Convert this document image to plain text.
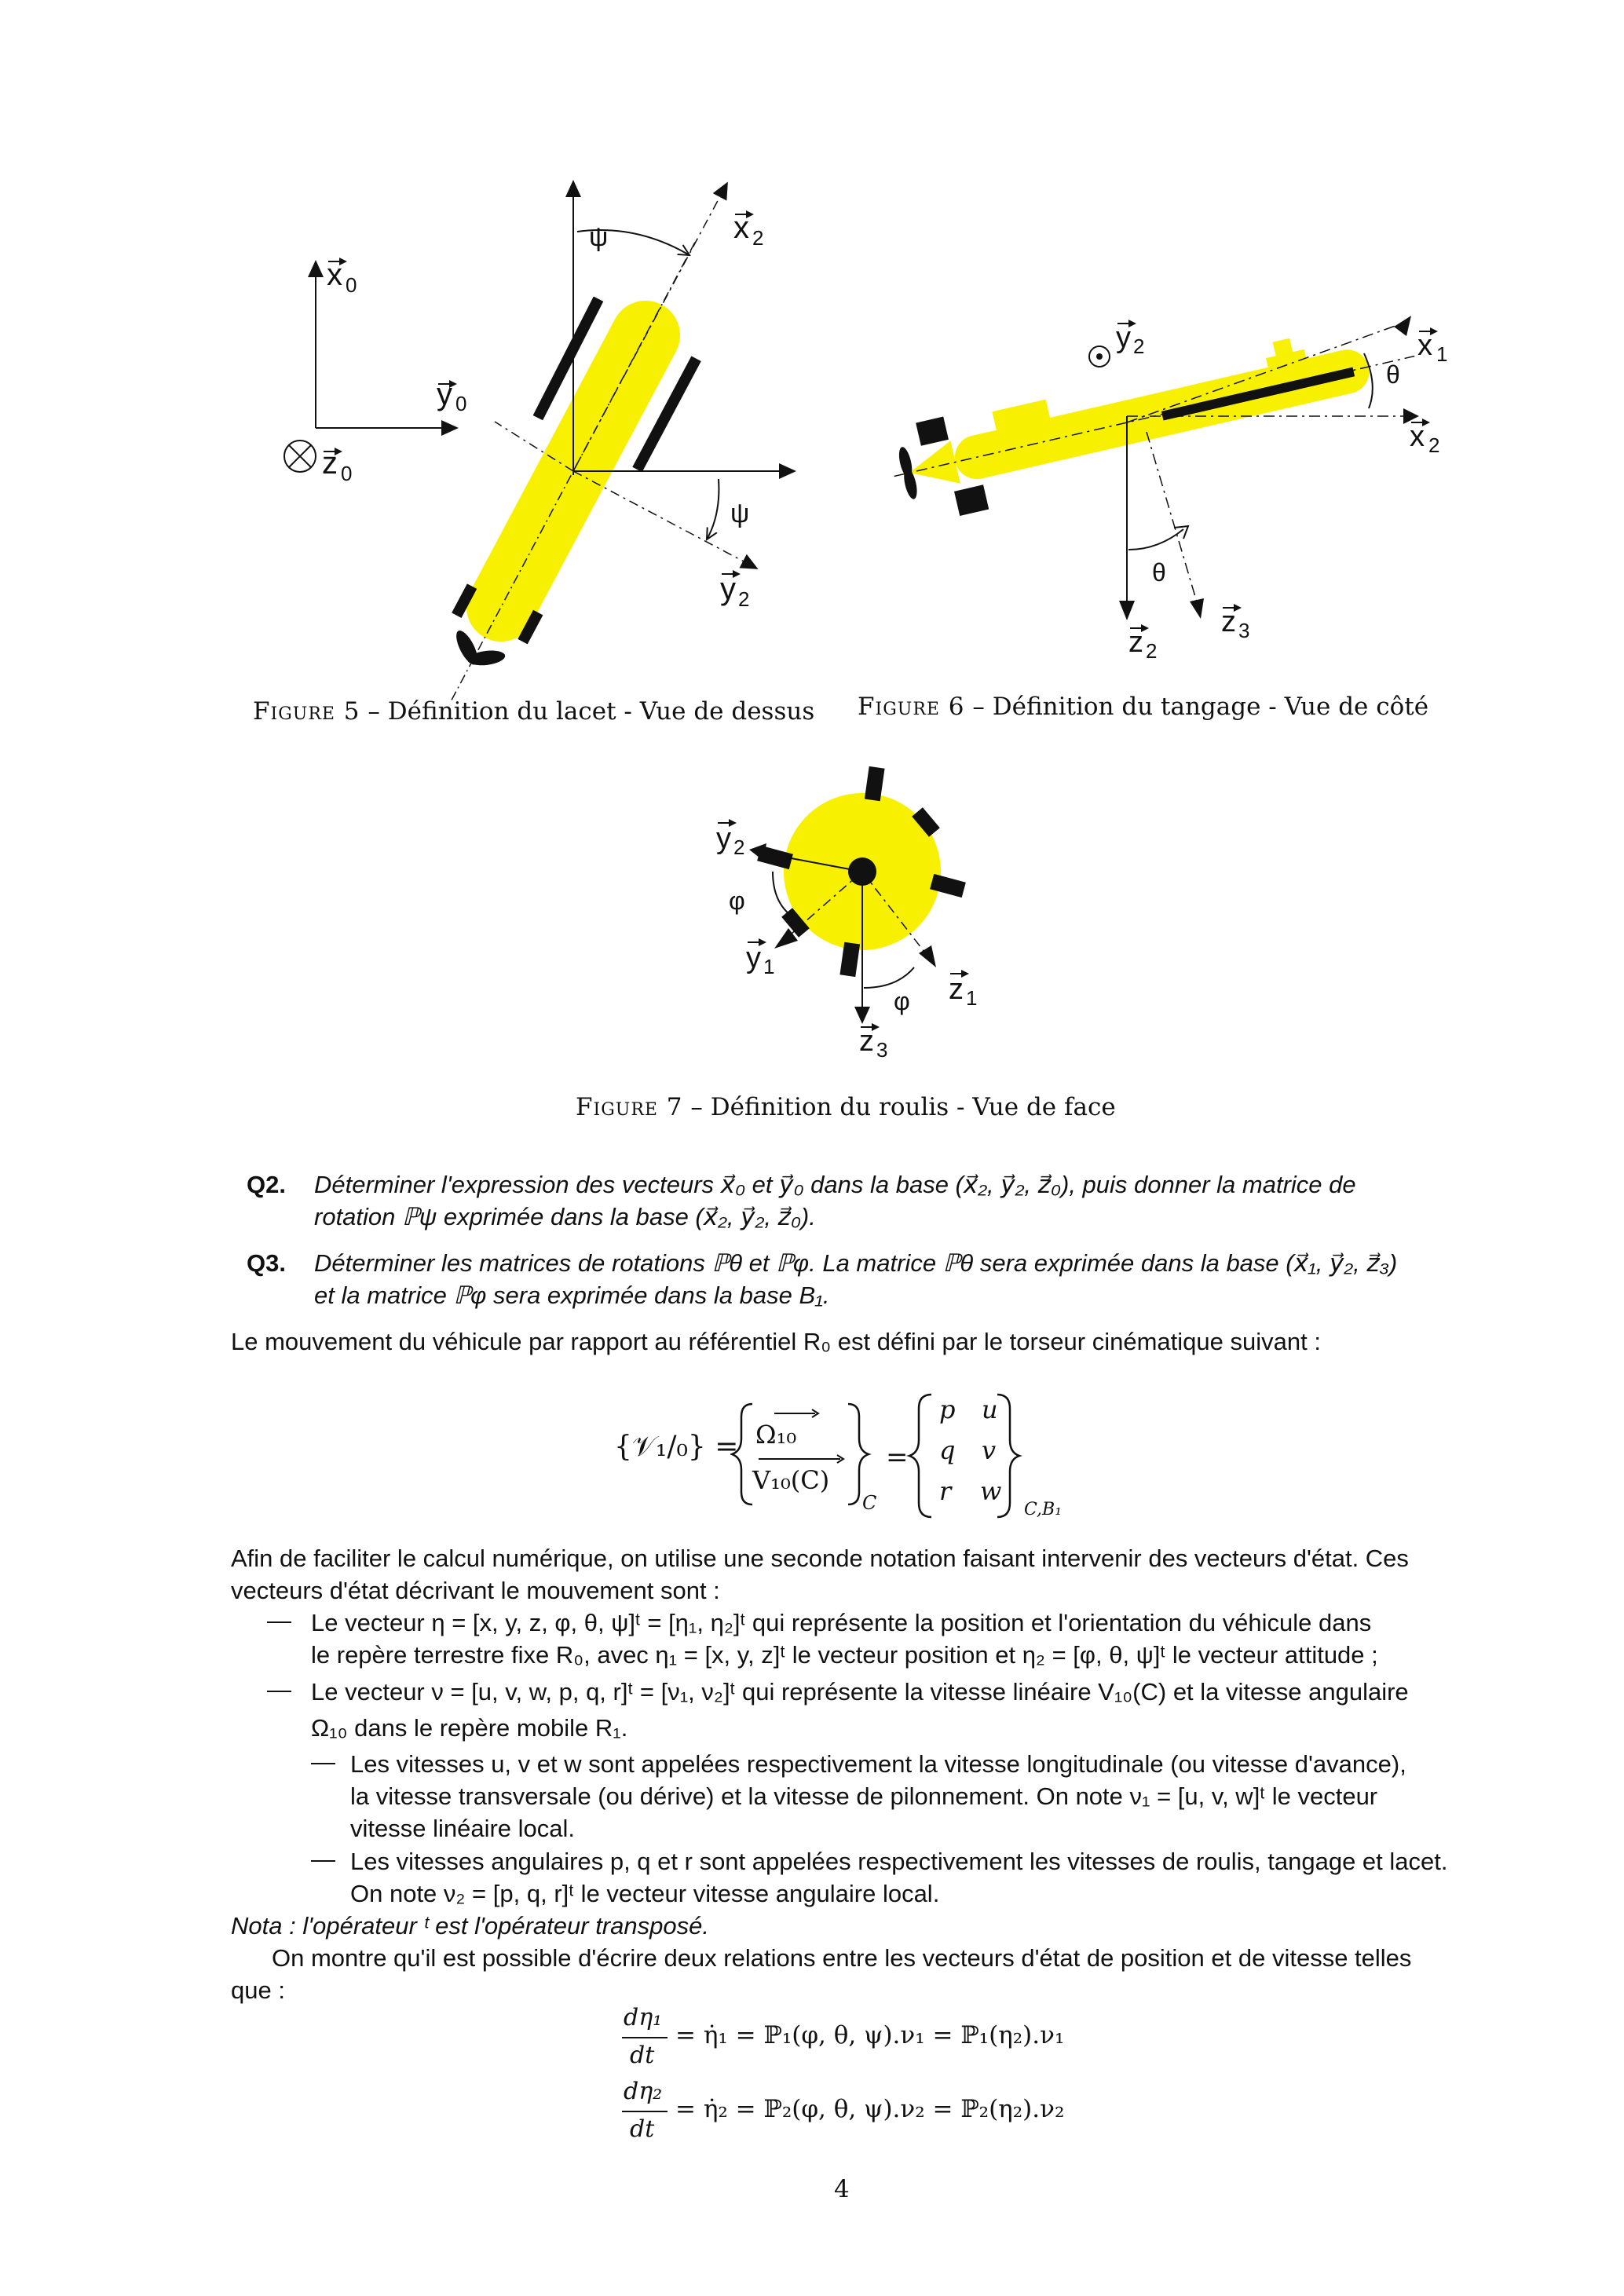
x 0
y 0
z 0
x 2
y 2
ψ
ψ
Figure 5 – Définition du lacet - Vue de dessus
y 2	x 1
x 2
θ
θ
z 2
z 3
Figure 6 – Définition du tangage - Vue de côté
y 2
φ
y 1
φ z 1
z 3
Figure 7 – Définition du roulis - Vue de face
Q2. Déterminer l'expression des vecteurs x⃗₀ et y⃗₀ dans la base (x⃗₂, y⃗₂, z⃗₀), puis donner la matrice de
rotation ℙψ exprimée dans la base (x⃗₂, y⃗₂, z⃗₀).
Q3. Déterminer les matrices de rotations ℙθ et ℙφ. La matrice ℙθ sera exprimée dans la base (x⃗₁, y⃗₂, z⃗₃)
et la matrice ℙφ sera exprimée dans la base B₁.
Le mouvement du véhicule par rapport au référentiel R₀ est défini par le torseur cinématique suivant :
{𝒱₁/₀} = Ω₁₀
V₁₀(C)
C
=
p u
q v
r w
C,B₁
Afin de faciliter le calcul numérique, on utilise une seconde notation faisant intervenir des vecteurs d'état. Ces
vecteurs d'état décrivant le mouvement sont :
— Le vecteur η = [x, y, z, φ, θ, ψ]ᵗ = [η₁, η₂]ᵗ qui représente la position et l'orientation du véhicule dans
le repère terrestre fixe R₀, avec η₁ = [x, y, z]ᵗ le vecteur position et η₂ = [φ, θ, ψ]ᵗ le vecteur attitude ;
— Le vecteur ν = [u, v, w, p, q, r]ᵗ = [ν₁, ν₂]ᵗ qui représente la vitesse linéaire V₁₀(C) et la vitesse angulaire
Ω₁₀ dans le repère mobile R₁.
— Les vitesses u, v et w sont appelées respectivement la vitesse longitudinale (ou vitesse d'avance),
la vitesse transversale (ou dérive) et la vitesse de pilonnement. On note ν₁ = [u, v, w]ᵗ le vecteur
vitesse linéaire local.
— Les vitesses angulaires p, q et r sont appelées respectivement les vitesses de roulis, tangage et lacet.
On note ν₂ = [p, q, r]ᵗ le vecteur vitesse angulaire local.
Nota : l'opérateur ᵗ est l'opérateur transposé.
On montre qu'il est possible d'écrire deux relations entre les vecteurs d'état de position et de vitesse telles
que :
dη₁
dt
= η̇₁ = ℙ₁(φ, θ, ψ).ν₁ = ℙ₁(η₂).ν₁
dη₂
dt
= η̇₂ = ℙ₂(φ, θ, ψ).ν₂ = ℙ₂(η₂).ν₂
4
